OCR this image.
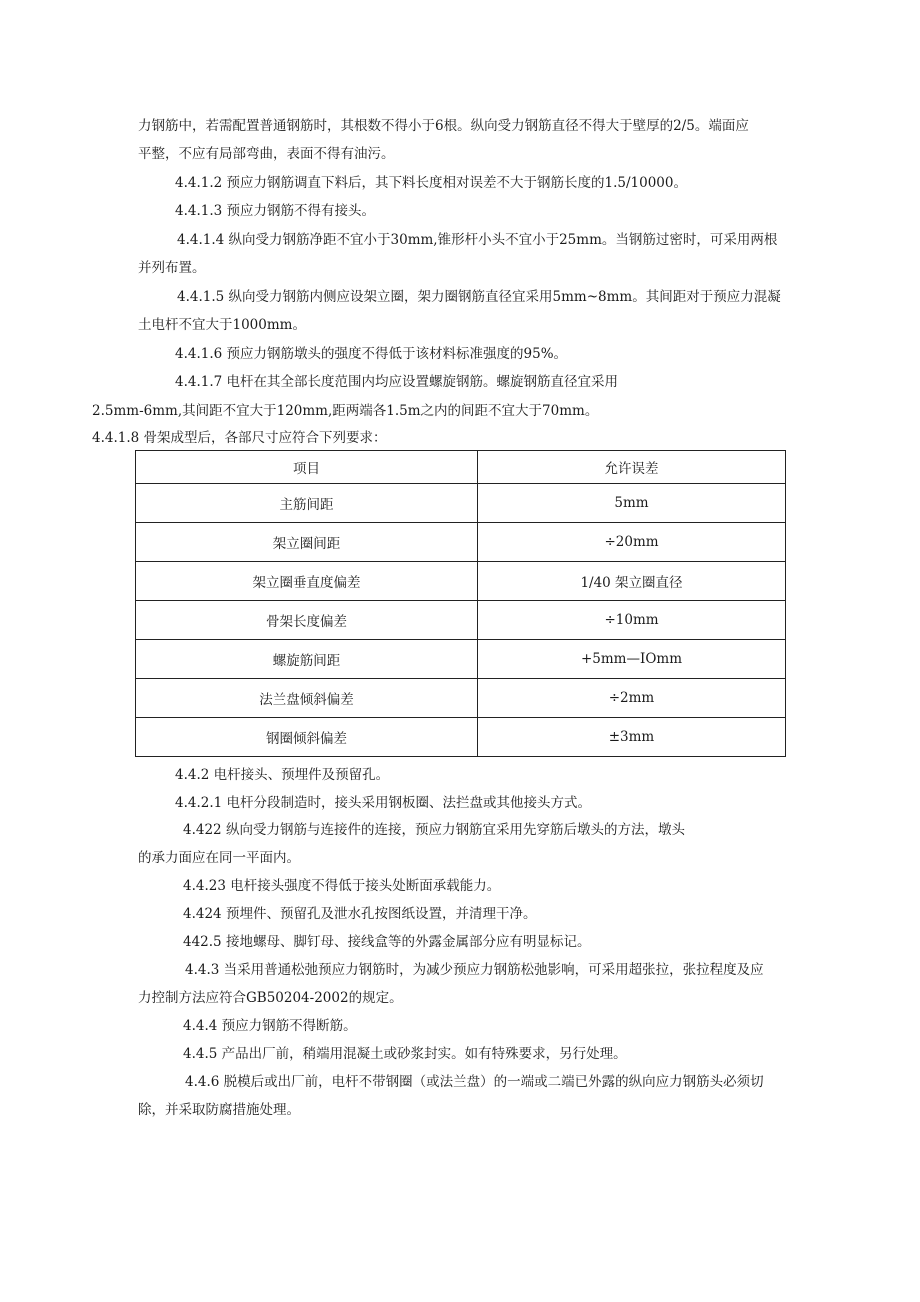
力钢筋中，若需配置普通钢筋时，其根数不得小于6根。纵向受力钢筋直径不得大于壁厚的2/5。端面应
平整，不应有局部弯曲，表面不得有油污。
4.4.1.2 预应力钢筋调直下料后，其下料长度相对误差不大于钢筋长度的1.5/10000。
4.4.1.3 预应力钢筋不得有接头。
4.4.1.4 纵向受力钢筋净距不宜小于30mm,锥形杆小头不宜小于25mm。当钢筋过密时，可采用两根
并列布置。
4.4.1.5 纵向受力钢筋内侧应设架立圈，架力圈钢筋直径宜采用5mm~8mm。其间距对于预应力混凝
土电杆不宜大于1000mm。
4.4.1.6 预应力钢筋墩头的强度不得低于该材料标准强度的95%。
4.4.1.7 电杆在其全部长度范围内均应设置螺旋钢筋。螺旋钢筋直径宜采用
2.5mm-6mm,其间距不宜大于120mm,距两端各1.5m之内的间距不宜大于70mm。
4.4.1.8 骨架成型后，各部尺寸应符合下列要求：
项目	允许误差
主筋间距	5mm
架立圈间距	÷20mm
架立圈垂直度偏差	1/40 架立圈直径
骨架长度偏差	÷10mm
螺旋筋间距	+5mm—IOmm
法兰盘倾斜偏差	÷2mm
钢圈倾斜偏差	±3mm
4.4.2 电杆接头、预埋件及预留孔。
4.4.2.1 电杆分段制造时，接头采用钢板圈、法拦盘或其他接头方式。
4.422 纵向受力钢筋与连接件的连接，预应力钢筋宜采用先穿筋后墩头的方法，墩头
的承力面应在同一平面内。
4.4.23 电杆接头强度不得低于接头处断面承载能力。
4.424 预埋件、预留孔及泄水孔按图纸设置，并清理干净。
442.5 接地螺母、脚钉母、接线盒等的外露金属部分应有明显标记。
4.4.3 当采用普通松弛预应力钢筋时，为减少预应力钢筋松弛影响，可采用超张拉，张拉程度及应
力控制方法应符合GB50204-2002的规定。
4.4.4 预应力钢筋不得断筋。
4.4.5 产品出厂前，稍端用混凝土或砂浆封实。如有特殊要求，另行处理。
4.4.6 脱模后或出厂前，电杆不带钢圈（或法兰盘）的一端或二端已外露的纵向应力钢筋头必须切
除，并采取防腐措施处理。
